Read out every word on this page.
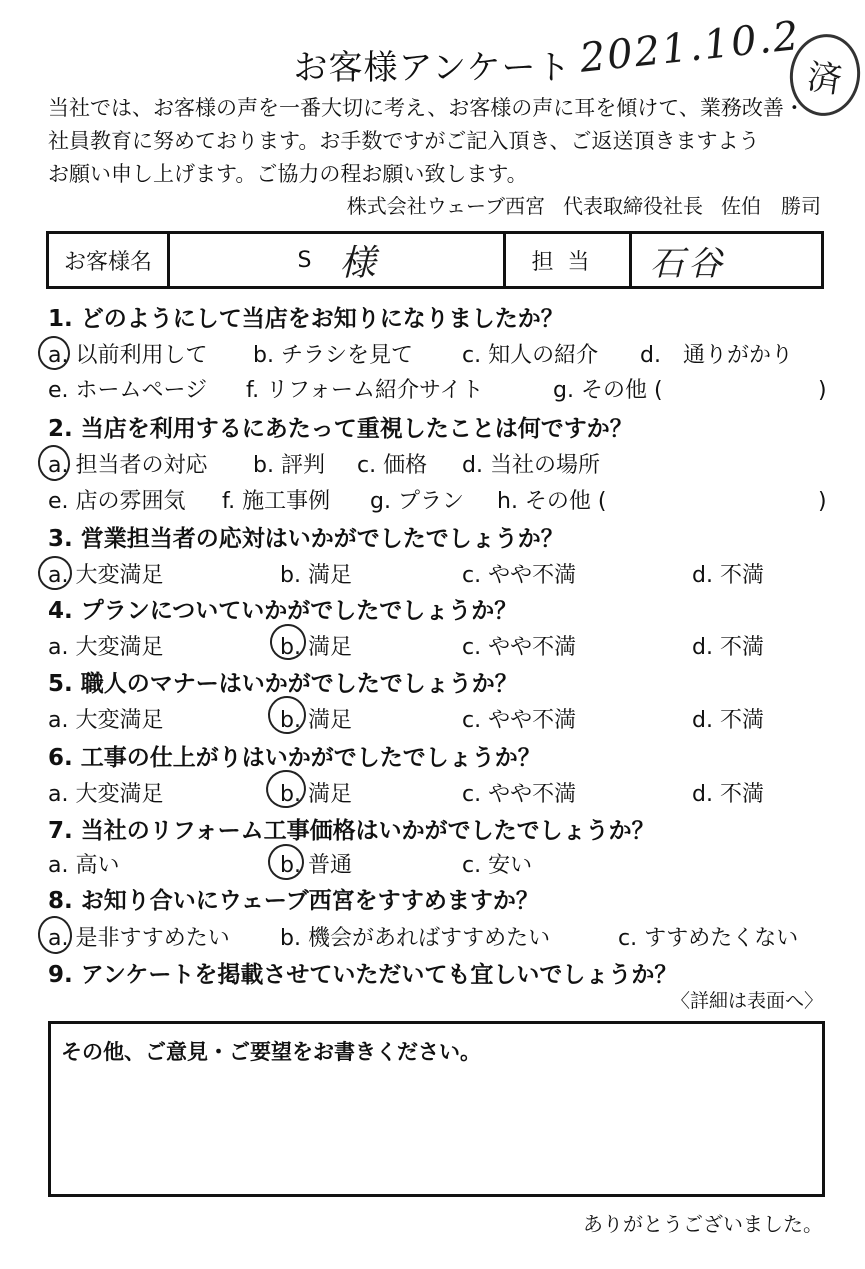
お客様アンケート 2021.10.2 済
当社では、お客様の声を一番大切に考え、お客様の声に耳を傾けて、業務改善・
社員教育に努めております。お手数ですがご記入頂き、ご返送頂きますよう
お願い申し上げます。ご協力の程お願い致します。
株式会社ウェーブ西宮 代表取締役社長 佐伯　勝司
お客様名	S 様	担当	石谷
1. どのようにして当店をお知りになりましたか？
a. 以前利用して b. チラシを見て c. 知人の紹介 d.　通りがかり
e. ホームページ f. リフォーム紹介サイト	g. その他 (	　)
2. 当店を利用するにあたって重視したことは何ですか？
a. 担当者の対応 b. 評判 c. 価格 d. 当社の場所
e. 店の雰囲気 f. 施工事例 g. プラン h. その他 (	　)
3. 営業担当者の応対はいかがでしたでしょうか？
a. 大変満足	b. 満足	c. やや不満	d. 不満
4. プランについていかがでしたでしょうか？
a. 大変満足	b. 満足	c. やや不満	d. 不満
5. 職人のマナーはいかがでしたでしょうか？
a. 大変満足	b. 満足	c. やや不満	d. 不満
6. 工事の仕上がりはいかがでしたでしょうか？
a. 大変満足	b. 満足	c. やや不満	d. 不満
7. 当社のリフォーム工事価格はいかがでしたでしょうか？
a. 高い	b. 普通	c. 安い
8. お知り合いにウェーブ西宮をすすめますか？
a. 是非すすめたい b. 機会があればすすめたい	c. すすめたくない
9. アンケートを掲載させていただいても宜しいでしょうか？
〈詳細は表面へ〉
その他、ご意見・ご要望をお書きください。
ありがとうございました。
